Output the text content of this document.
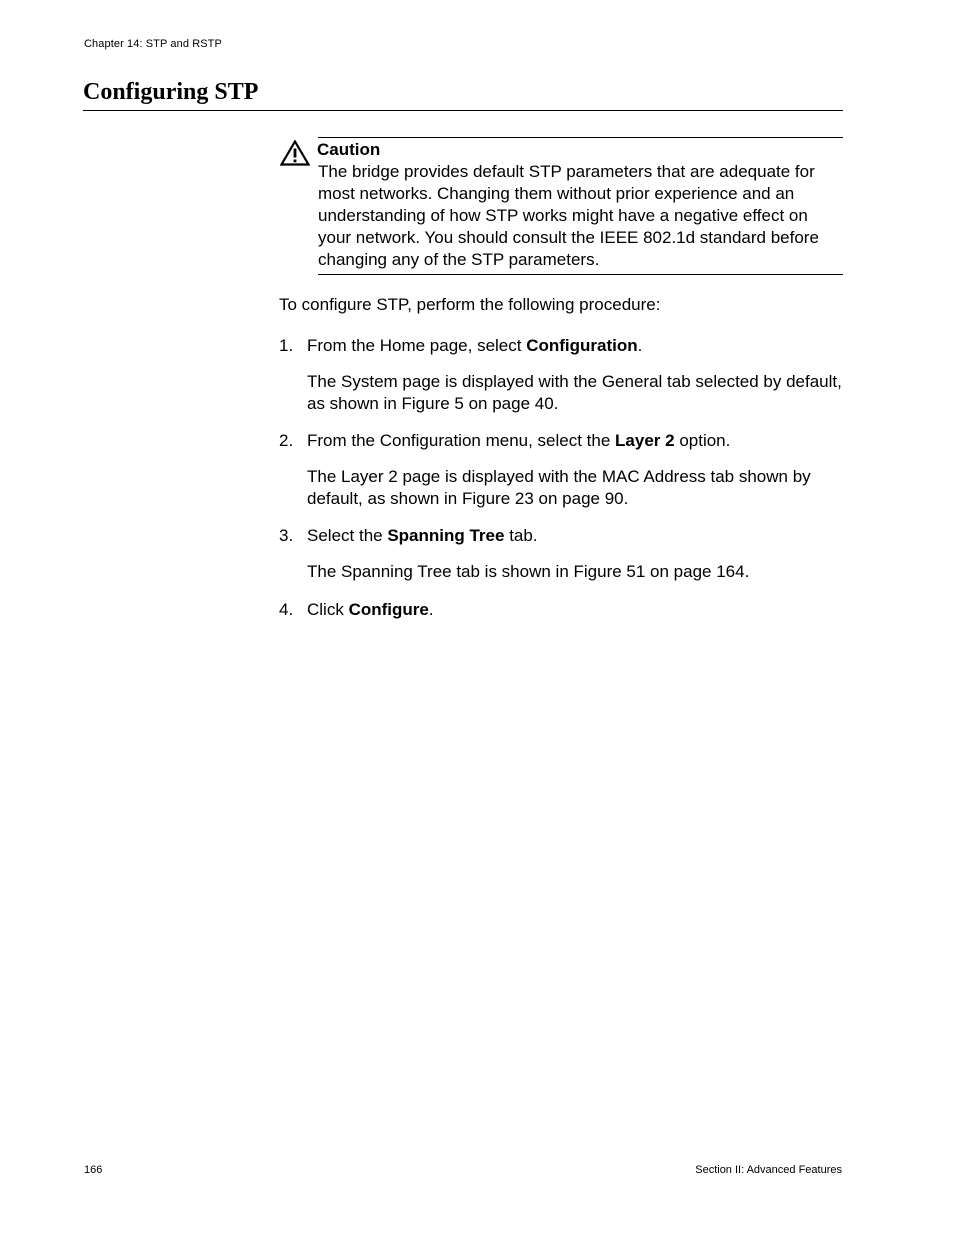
Chapter 14: STP and RSTP
Configuring STP
Caution

The bridge provides default STP parameters that are adequate for most networks. Changing them without prior experience and an understanding of how STP works might have a negative effect on your network. You should consult the IEEE 802.1d standard before changing any of the STP parameters.

To configure STP, perform the following procedure:
1. From the Home page, select Configuration.
The System page is displayed with the General tab selected by default, as shown in Figure 5 on page 40.
2. From the Configuration menu, select the Layer 2 option.
The Layer 2 page is displayed with the MAC Address tab shown by default, as shown in Figure 23 on page 90.
3. Select the Spanning Tree tab.
The Spanning Tree tab is shown in Figure 51 on page 164.
4. Click Configure.
166	Section II: Advanced Features
